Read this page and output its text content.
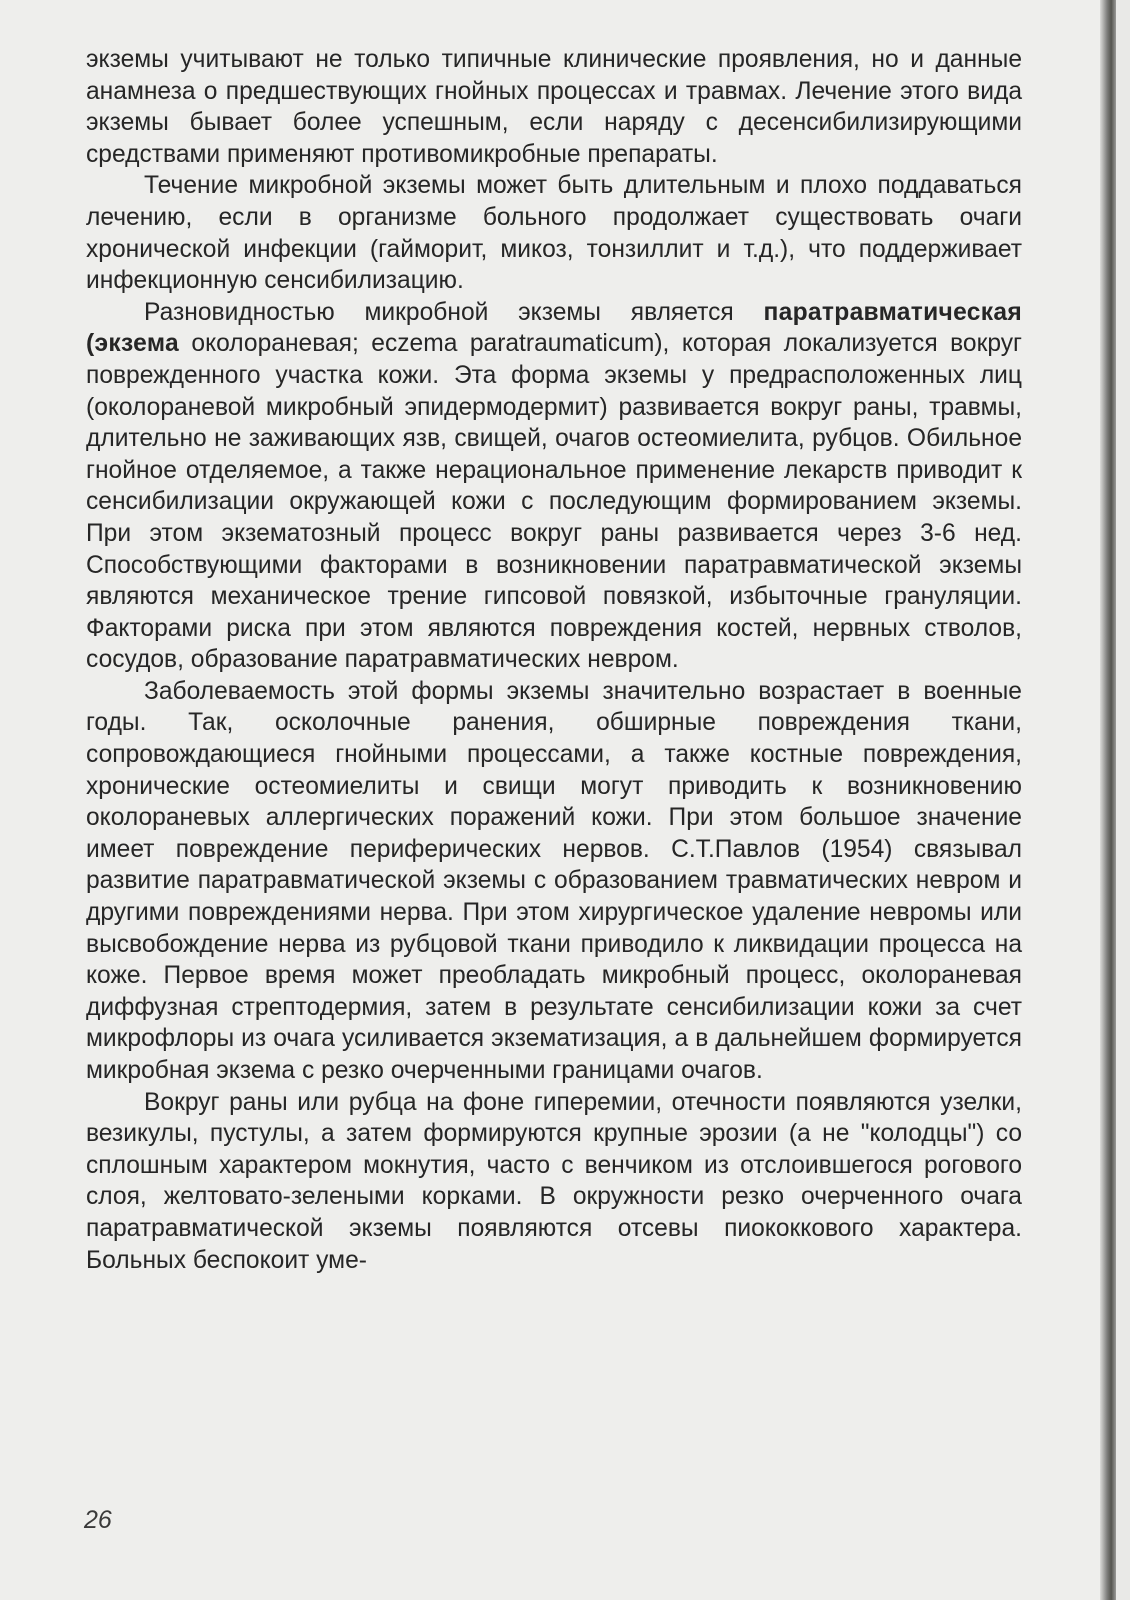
экземы учитывают не только типичные клинические проявления, но и данные анамнеза о предшествующих гнойных процессах и травмах. Лечение этого вида экземы бывает более успешным, если наряду с десенсибилизирующими средствами применяют противомикробные препараты.

Течение микробной экземы может быть длительным и плохо поддаваться лечению, если в организме больного продолжает существовать очаги хронической инфекции (гайморит, микоз, тонзиллит и т.д.), что поддерживает инфекционную сенсибилизацию.

Разновидностью микробной экземы является паратравматическая (экзема околораневая; eczema paratraumaticum), которая локализуется вокруг поврежденного участка кожи. Эта форма экземы у предрасположенных лиц (околораневой микробный эпидермодермит) развивается вокруг раны, травмы, длительно не заживающих язв, свищей, очагов остеомиелита, рубцов. Обильное гнойное отделяемое, а также нерациональное применение лекарств приводит к сенсибилизации окружающей кожи с последующим формированием экземы. При этом экзематозный процесс вокруг раны развивается через 3-6 нед. Способствующими факторами в возникновении паратравматической экземы являются механическое трение гипсовой повязкой, избыточные грануляции. Факторами риска при этом являются повреждения костей, нервных стволов, сосудов, образование паратравматических невром.

Заболеваемость этой формы экземы значительно возрастает в военные годы. Так, осколочные ранения, обширные повреждения ткани, сопровождающиеся гнойными процессами, а также костные повреждения, хронические остеомиелиты и свищи могут приводить к возникновению околораневых аллергических поражений кожи. При этом большое значение имеет повреждение периферических нервов. С.Т.Павлов (1954) связывал развитие паратравматической экземы с образованием травматических невром и другими повреждениями нерва. При этом хирургическое удаление невромы или высвобождение нерва из рубцовой ткани приводило к ликвидации процесса на коже. Первое время может преобладать микробный процесс, околораневая диффузная стрептодермия, затем в результате сенсибилизации кожи за счет микрофлоры из очага усиливается экзематизация, а в дальнейшем формируется микробная экзема с резко очерченными границами очагов.

Вокруг раны или рубца на фоне гиперемии, отечности появляются узелки, везикулы, пустулы, а затем формируются крупные эрозии (а не "колодцы") со сплошным характером мокнутия, часто с венчиком из отслоившегося рогового слоя, желтовато-зелеными корками. В окружности резко очерченного очага паратравматической экземы появляются отсевы пиококкового характера. Больных беспокоит уме-

26
